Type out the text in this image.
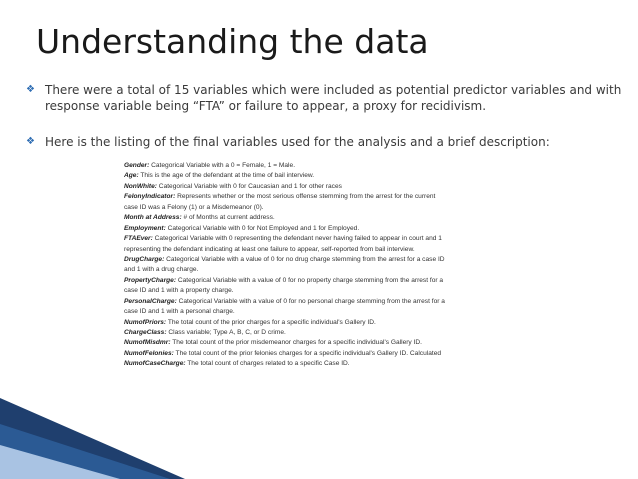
Understanding the data
❖ There were a total of 15 variables which were included as potential predictor variables and with response variable being “FTA” or failure to appear, a proxy for recidivism.
❖ Here is the listing of the final variables used for the analysis and a brief description:
Gender: Categorical Variable with a 0 = Female, 1 = Male.
Age: This is the age of the defendant at the time of bail interview.
NonWhite: Categorical Variable with 0 for Caucasian and 1 for other races
FelonyIndicator: Represents whether or the most serious offense stemming from the arrest for the current
case ID was a Felony (1) or a Misdemeanor (0).
Month at Address: # of Months at current address.
Employment: Categorical Variable with 0 for Not Employed and 1 for Employed.
FTAEver: Categorical Variable with 0 representing the defendant never having failed to appear in court and 1
representing the defendant indicating at least one failure to appear, self-reported from bail interview.
DrugCharge: Categorical Variable with a value of 0 for no drug charge stemming from the arrest for a case ID
and 1 with a drug charge.
PropertyCharge: Categorical Variable with a value of 0 for no property charge stemming from the arrest for a
case ID and 1 with a property charge.
PersonalCharge: Categorical Variable with a value of 0 for no personal charge stemming from the arrest for a
case ID and 1 with a personal charge.
NumofPriors: The total count of the prior charges for a specific individual's Gallery ID.
ChargeClass: Class variable; Type A, B, C, or D crime.
NumofMisdmr: The total count of the prior misdemeanor charges for a specific individual's Gallery ID.
NumofFelonies: The total count of the prior felonies charges for a specific individual's Gallery ID. Calculated
NumofCaseCharge: The total count of charges related to a specific Case ID.
